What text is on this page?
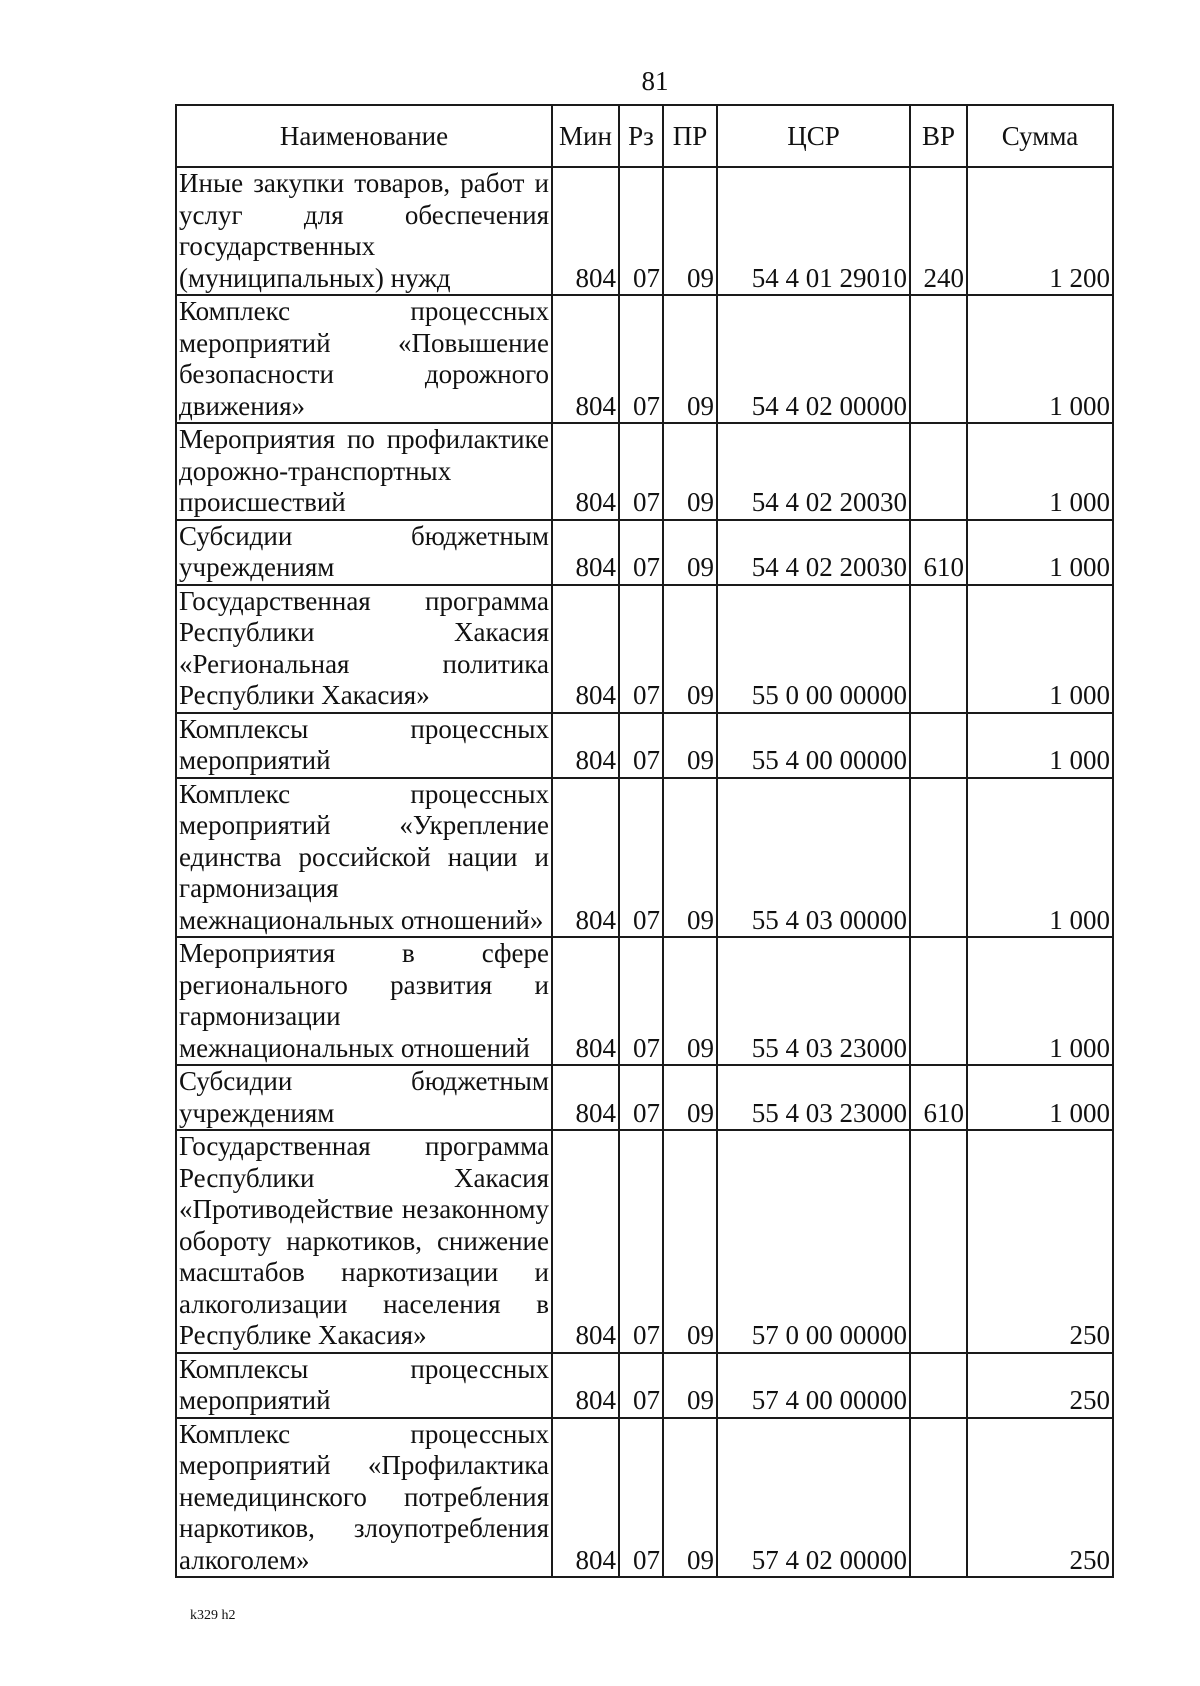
81
Наименование	Мин	Рз	ПР	ЦСР	ВР	Сумма
Иные закупки товаров, работ и услуг для обеспечения государственных (муниципальных) нужд	804	07	09	54 4 01 29010	240	1 200
Комплекс процессных мероприятий «Повышение безопасности дорожного движения»	804	07	09	54 4 02 00000		1 000
Мероприятия по профилактике дорожно-транспортных происшествий	804	07	09	54 4 02 20030		1 000
Субсидии бюджетным учреждениям	804	07	09	54 4 02 20030	610	1 000
Государственная программа Республики Хакасия «Региональная политика Республики Хакасия»	804	07	09	55 0 00 00000		1 000
Комплексы процессных мероприятий	804	07	09	55 4 00 00000		1 000
Комплекс процессных мероприятий «Укрепление единства российской нации и гармонизация межнациональных отношений»	804	07	09	55 4 03 00000		1 000
Мероприятия в сфере регионального развития и гармонизации межнациональных отношений	804	07	09	55 4 03 23000		1 000
Субсидии бюджетным учреждениям	804	07	09	55 4 03 23000	610	1 000
Государственная программа Республики Хакасия «Противодействие незаконному обороту наркотиков, снижение масштабов наркотизации и алкоголизации населения в Республике Хакасия»	804	07	09	57 0 00 00000		250
Комплексы процессных мероприятий	804	07	09	57 4 00 00000		250
Комплекс процессных мероприятий «Профилактика немедицинского потребления наркотиков, злоупотребления алкоголем»	804	07	09	57 4 02 00000		250
k329 h2
